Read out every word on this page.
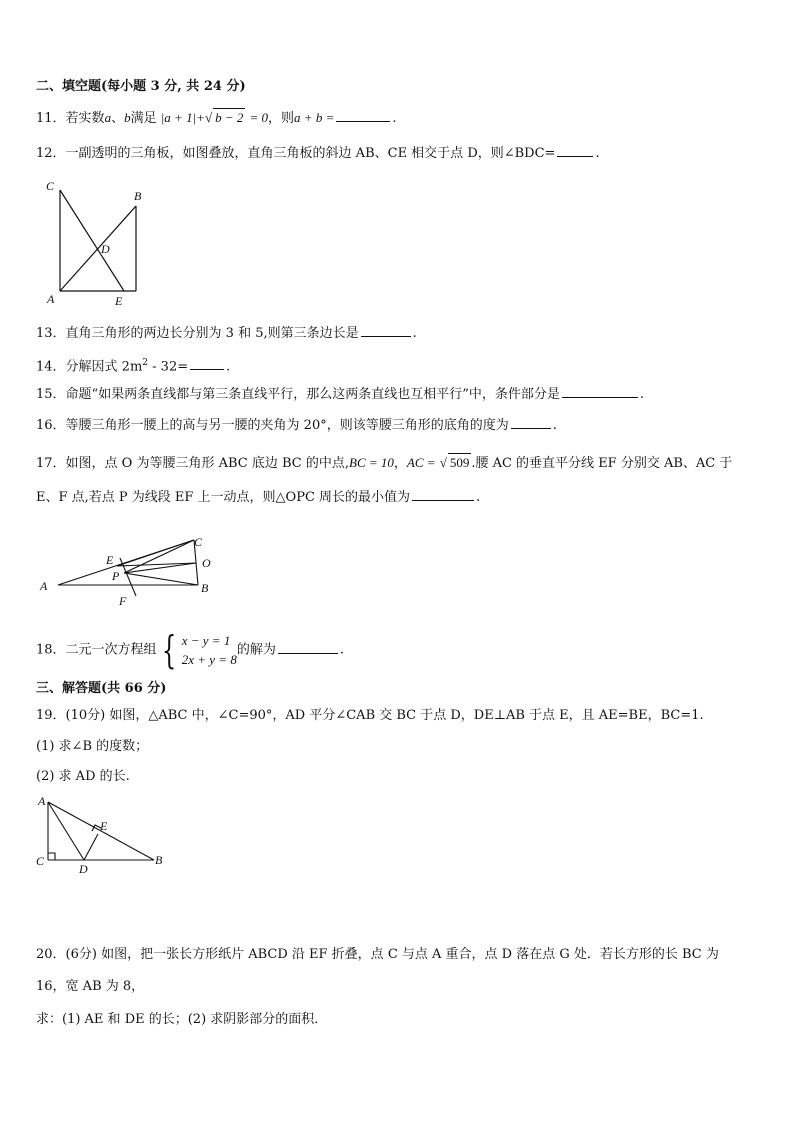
二、填空题(每小题 3 分, 共 24 分)
11．若实数a、b满足 |a + 1|+√ b − 2 = 0，则a + b =	.
12．一副透明的三角板，如图叠放，直角三角板的斜边 AB、CE 相交于点 D，则∠BDC=	.
C
B
D
A	E
13．直角三角形的两边长分别为 3 和 5,则第三条边长是	.
14．分解因式 $2m^2 - 32=$	.
15．命题“如果两条直线都与第三条直线平行，那么这两条直线也互相平行”中，条件部分是	.
16．等腰三角形一腰上的高与另一腰的夹角为 20°，则该等腰三角形的底角的度为	.
17．如图，点 O 为等腰三角形 ABC 底边 BC 的中点,BC = 10，AC = √ 509 .腰 AC 的垂直平分线 EF 分别交 AB、AC 于
E、F 点,若点 P 为线段 EF 上一动点，则△OPC 周长的最小值为	.
C
E	O
P
A	B
F
18．二元一次方程组 { x − y = 1
2x + y = 8
的解为	.
三、解答题(共 66 分)
19．(10分) 如图，△ABC 中，∠C=90°，AD 平分∠CAB 交 BC 于点 D，DE⊥AB 于点 E，且 AE=BE，BC=1.
(1) 求∠B 的度数；
(2) 求 AD 的长.
A
E
C
D
B
20．(6分) 如图，把一张长方形纸片 ABCD 沿 EF 折叠，点 C 与点 A 重合，点 D 落在点 G 处．若长方形的长 BC 为
16，宽 AB 为 8，
求：(1) AE 和 DE 的长；(2) 求阴影部分的面积．
